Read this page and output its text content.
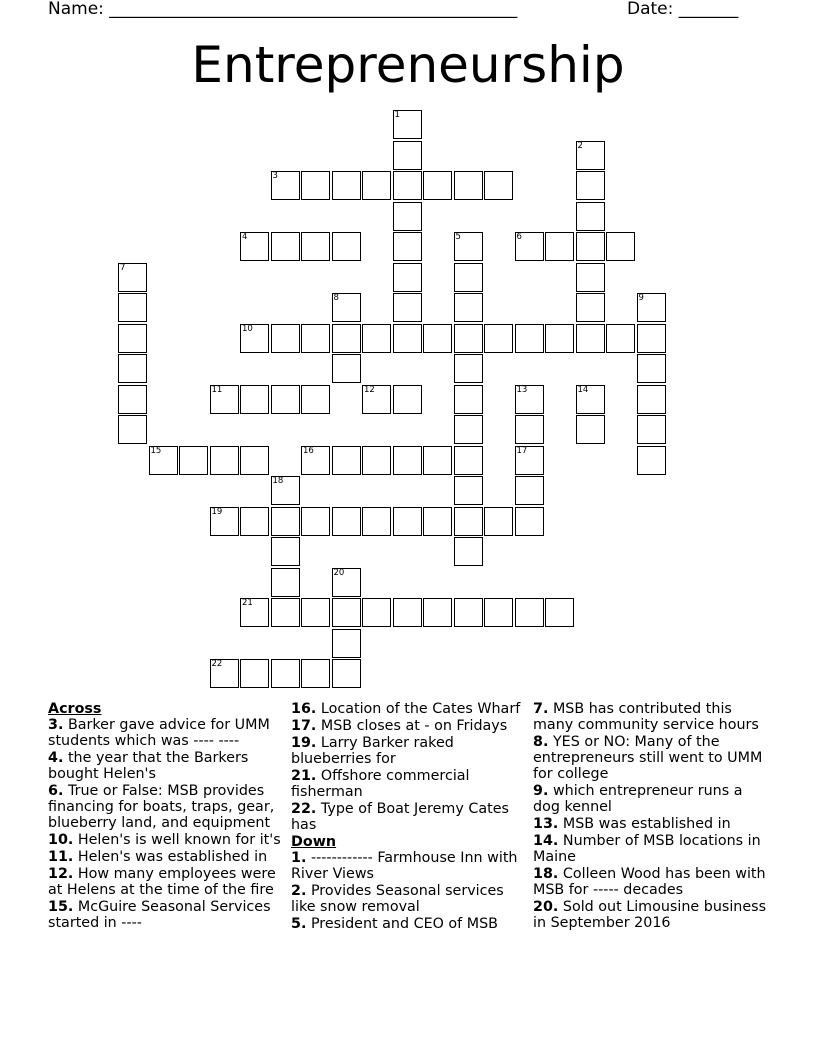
Name: ________________________________________________	Date: _______
Entrepreneurship
1
2
5
7
8	9
13
3
4	6
10
11	12	14
15	16	17
18
19
20
21
22
Across
3. Barker gave advice for UMM students which was ---- ----
4. the year that the Barkers bought Helen's
6. True or False: MSB provides financing for boats, traps, gear, blueberry land, and equipment
10. Helen's is well known for it's
11. Helen's was established in
12. How many employees were at Helens at the time of the fire
15. McGuire Seasonal Services started in ----
16. Location of the Cates Wharf
17. MSB closes at - on Fridays
19. Larry Barker raked blueberries for
21. Offshore commercial fisherman
22. Type of Boat Jeremy Cates has
Down
1. ------------ Farmhouse Inn with River Views
2. Provides Seasonal services like snow removal
5. President and CEO of MSB
7. MSB has contributed this many community service hours
8. YES or NO: Many of the entrepreneurs still went to UMM for college
9. which entrepreneur runs a dog kennel
13. MSB was established in
14. Number of MSB locations in Maine
18. Colleen Wood has been with MSB for ----- decades
20. Sold out Limousine business in September 2016
